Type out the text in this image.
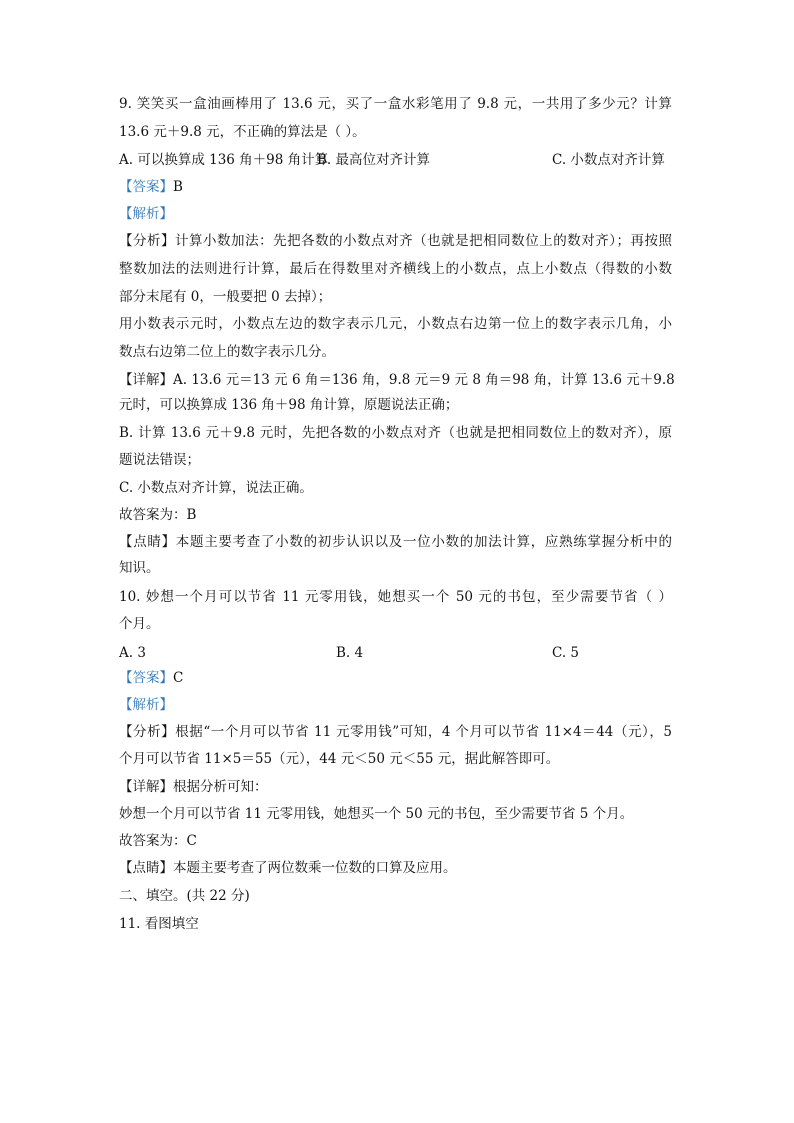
9. 笑笑买一盒油画棒用了 13.6 元，买了一盒水彩笔用了 9.8 元，一共用了多少元？计算
13.6 元＋9.8 元，不正确的算法是（ ）。
A. 可以换算成 136 角＋98 角计算
B. 最高位对齐计算	C. 小数点对齐计算
【答案】B
【解析】
【分析】计算小数加法：先把各数的小数点对齐（也就是把相同数位上的数对齐）；再按照
整数加法的法则进行计算，最后在得数里对齐横线上的小数点，点上小数点（得数的小数
部分末尾有 0，一般要把 0 去掉）；
用小数表示元时，小数点左边的数字表示几元，小数点右边第一位上的数字表示几角，小
数点右边第二位上的数字表示几分。
【详解】A. 13.6 元＝13 元 6 角＝136 角，9.8 元＝9 元 8 角＝98 角，计算 13.6 元＋9.8
元时，可以换算成 136 角＋98 角计算，原题说法正确；
B. 计算 13.6 元＋9.8 元时，先把各数的小数点对齐（也就是把相同数位上的数对齐），原
题说法错误；
C. 小数点对齐计算，说法正确。
故答案为：B
【点睛】本题主要考查了小数的初步认识以及一位小数的加法计算，应熟练掌握分析中的
知识。
10. 妙想一个月可以节省 11 元零用钱，她想买一个 50 元的书包，至少需要节省（ ）
个月。
A. 3	B. 4	C. 5
【答案】C
【解析】
【分析】根据“一个月可以节省 11 元零用钱”可知，4 个月可以节省 11×4＝44（元），5
个月可以节省 11×5＝55（元），44 元＜50 元＜55 元，据此解答即可。
【详解】根据分析可知：
妙想一个月可以节省 11 元零用钱，她想买一个 50 元的书包，至少需要节省 5 个月。
故答案为：C
【点睛】本题主要考查了两位数乘一位数的口算及应用。
二、填空。(共 22 分)
11. 看图填空
